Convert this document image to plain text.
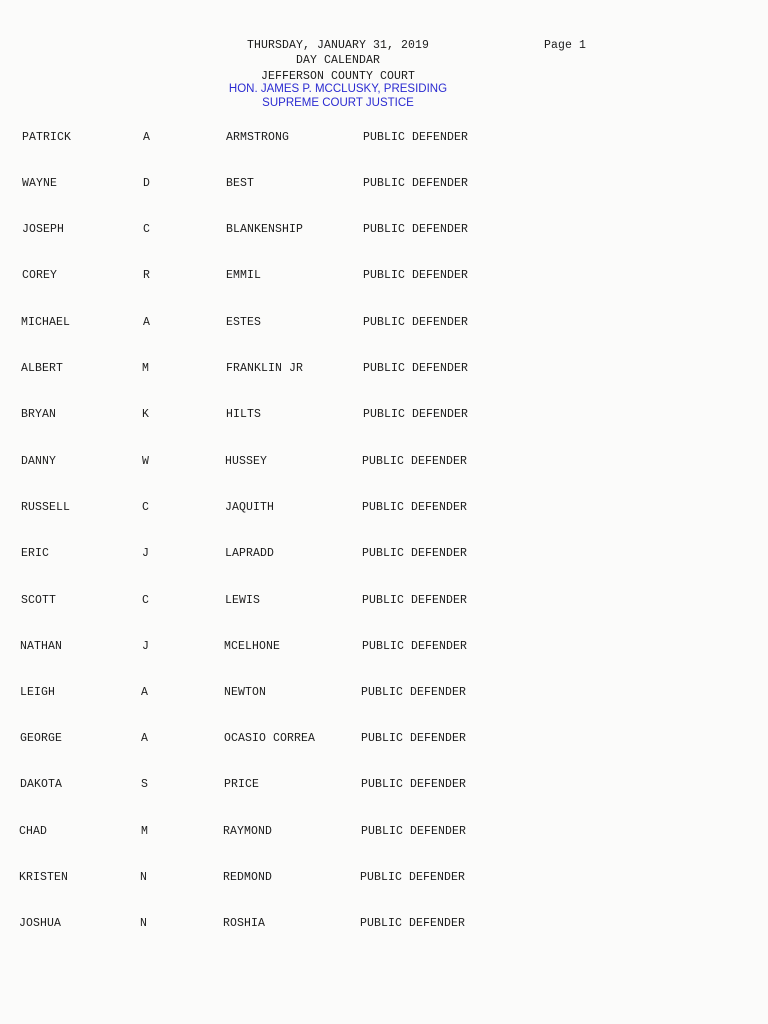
THURSDAY, JANUARY 31, 2019
DAY CALENDAR
JEFFERSON COUNTY COURT
HON. JAMES P. MCCLUSKY, PRESIDING
SUPREME COURT JUSTICE
Page 1
PATRICK	A	ARMSTRONG	PUBLIC DEFENDER
WAYNE	D	BEST	PUBLIC DEFENDER
JOSEPH	C	BLANKENSHIP	PUBLIC DEFENDER
COREY	R	EMMIL	PUBLIC DEFENDER
MICHAEL	A	ESTES	PUBLIC DEFENDER
ALBERT	M	FRANKLIN JR	PUBLIC DEFENDER
BRYAN	K	HILTS	PUBLIC DEFENDER
DANNY	W	HUSSEY	PUBLIC DEFENDER
RUSSELL	C	JAQUITH	PUBLIC DEFENDER
ERIC	J	LAPRADD	PUBLIC DEFENDER
SCOTT	C	LEWIS	PUBLIC DEFENDER
NATHAN	J	MCELHONE	PUBLIC DEFENDER
LEIGH	A	NEWTON	PUBLIC DEFENDER
GEORGE	A	OCASIO CORREA	PUBLIC DEFENDER
DAKOTA	S	PRICE	PUBLIC DEFENDER
CHAD	M	RAYMOND	PUBLIC DEFENDER
KRISTEN	N	REDMOND	PUBLIC DEFENDER
JOSHUA	N	ROSHIA	PUBLIC DEFENDER
